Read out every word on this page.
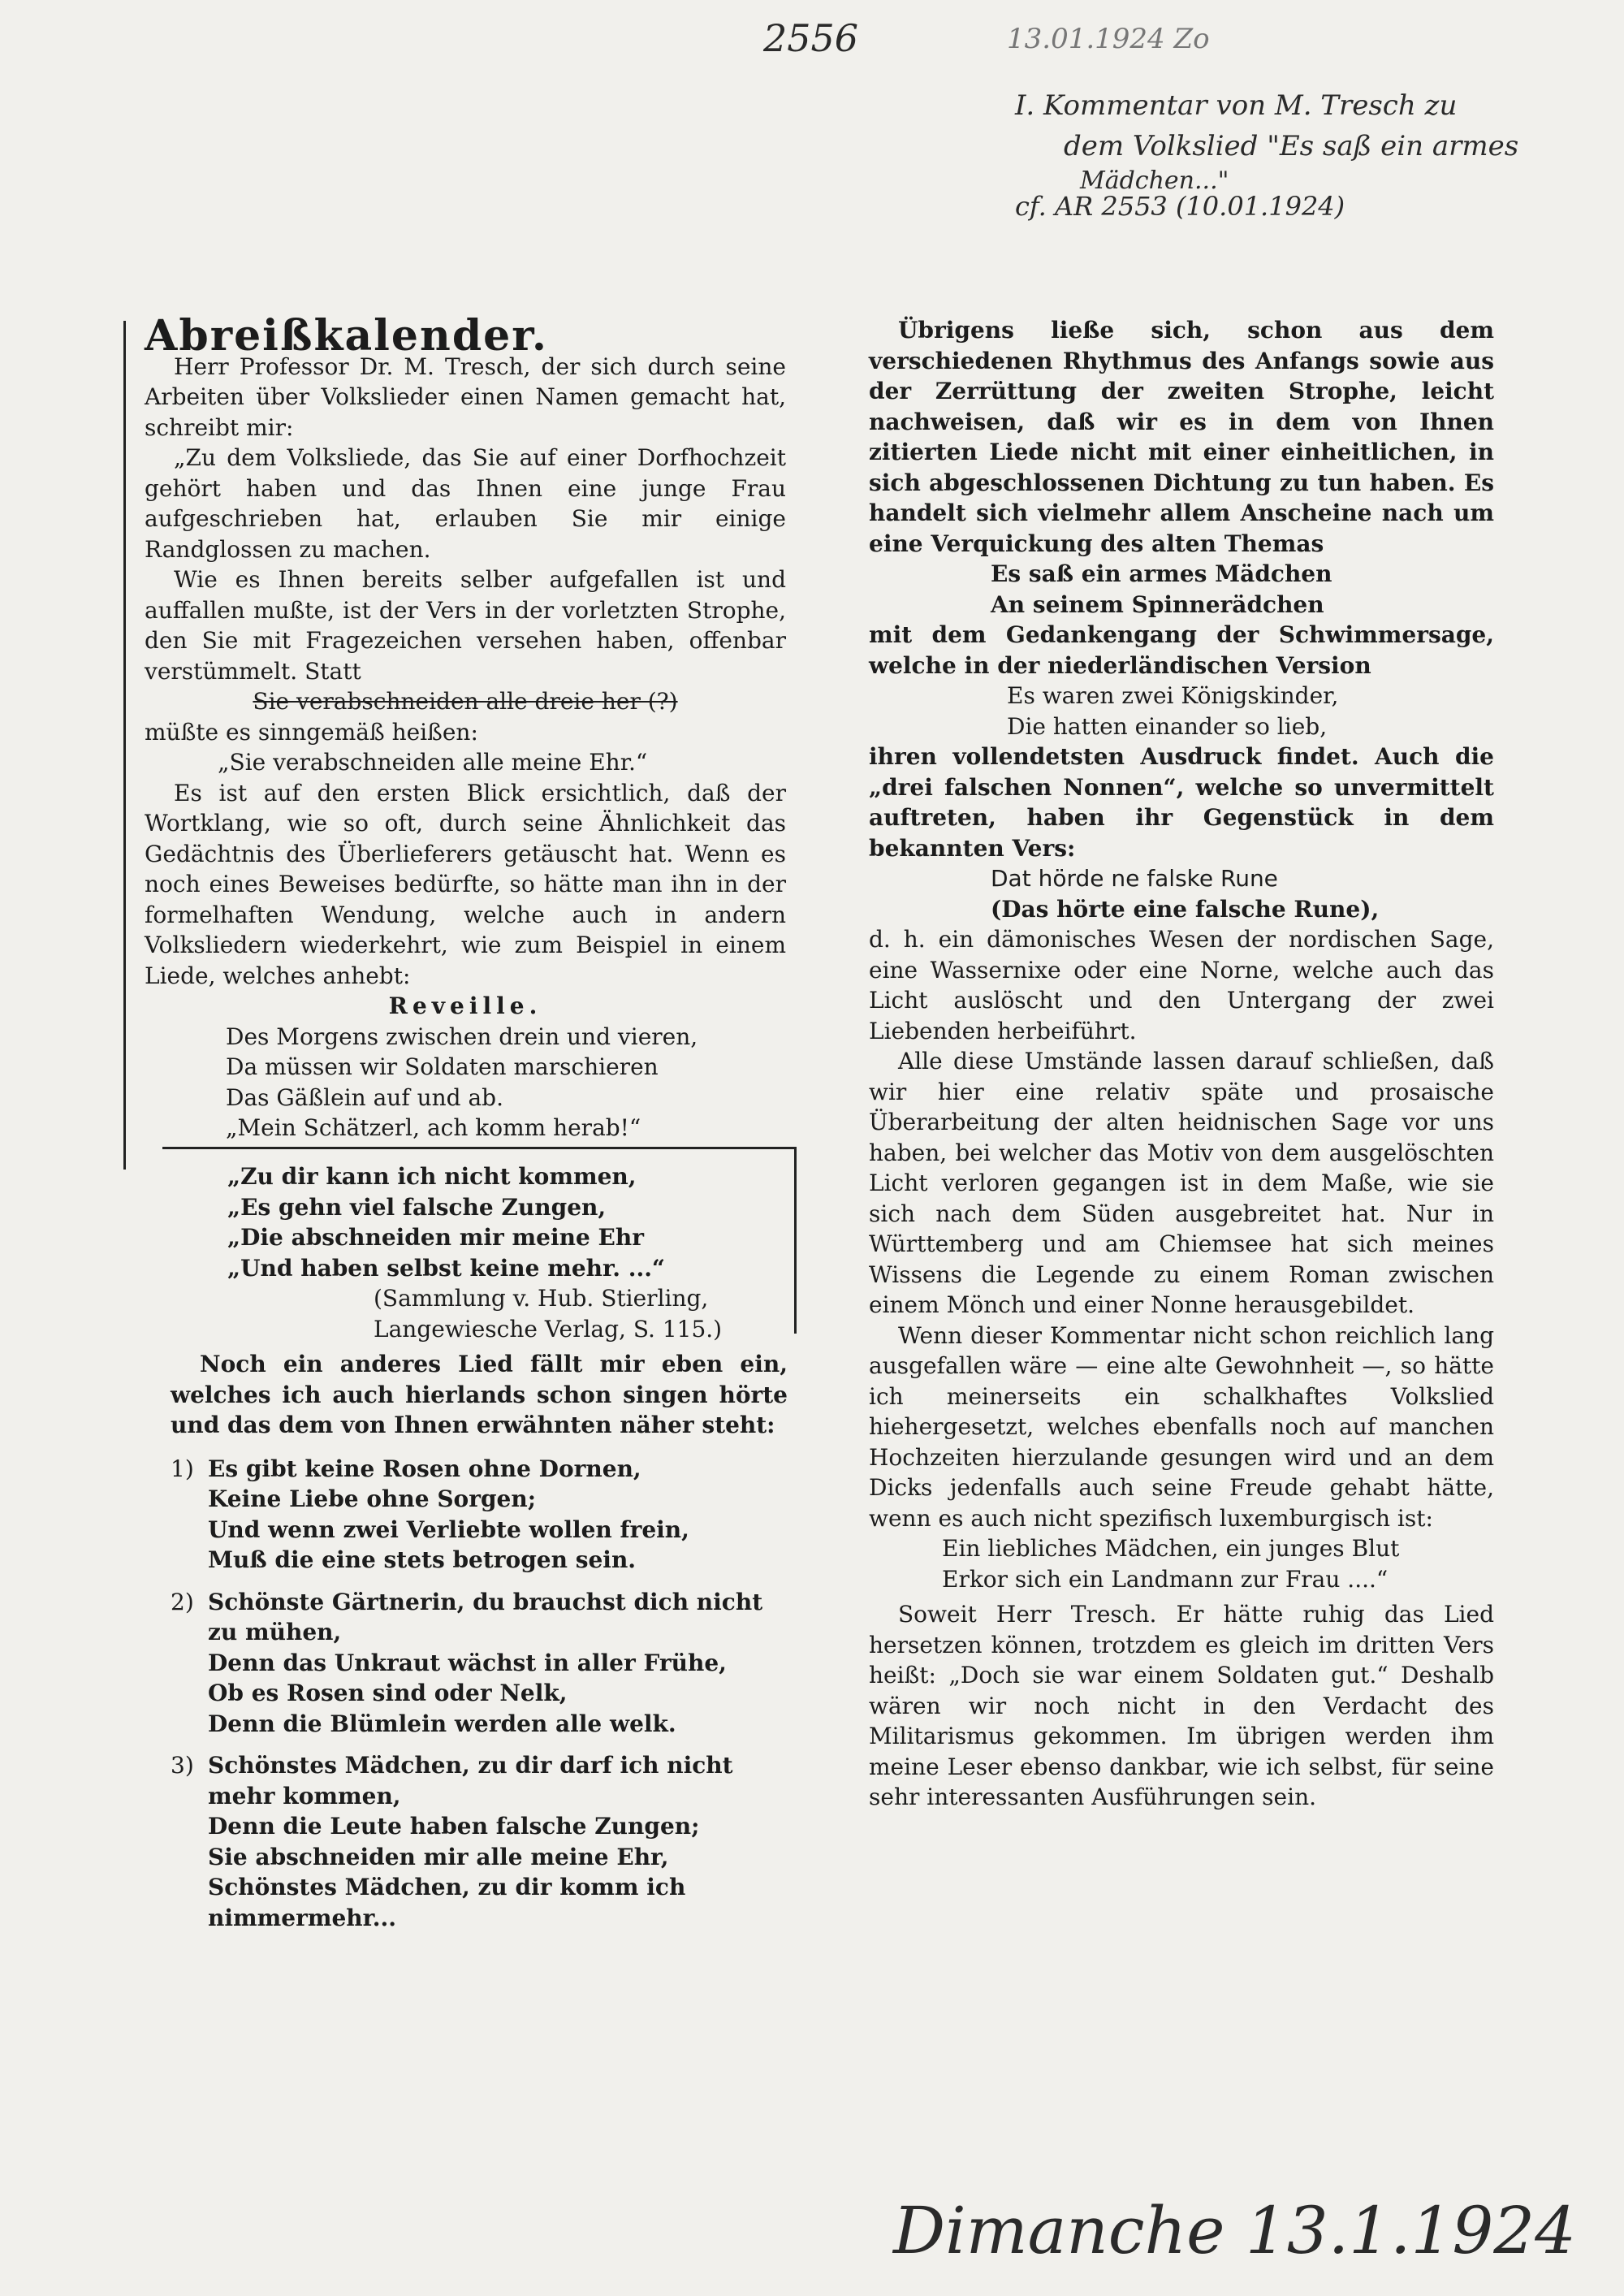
2556	13.01.1924 Zo
I. Kommentar von M. Tresch zu
dem Volkslied "Es saß ein armes
Mädchen..."
cf. AR 2553 (10.01.1924)
Dimanche 13.1.1924

Abreißkalender.

Herr Professor Dr. M. Tresch, der sich durch seine Arbeiten über Volkslieder einen Namen gemacht hat, schreibt mir:

„Zu dem Volksliede, das Sie auf einer Dorfhochzeit gehört haben und das Ihnen eine junge Frau aufgeschrieben hat, erlauben Sie mir einige Randglossen zu machen.

Wie es Ihnen bereits selber aufgefallen ist und auffallen mußte, ist der Vers in der vorletzten Strophe, den Sie mit Fragezeichen versehen haben, offenbar verstümmelt. Statt

Sie verabschneiden alle dreie her (?)

müßte es sinngemäß heißen:

„Sie verabschneiden alle meine Ehr.“

Es ist auf den ersten Blick ersichtlich, daß der Wortklang, wie so oft, durch seine Ähnlichkeit das Gedächtnis des Überlieferers getäuscht hat. Wenn es noch eines Beweises bedürfte, so hätte man ihn in der formelhaften Wendung, welche auch in andern Volksliedern wiederkehrt, wie zum Beispiel in einem Liede, welches anhebt:

Reveille.

Des Morgens zwischen drein und vieren,
Da müssen wir Soldaten marschieren
Das Gäßlein auf und ab.
„Mein Schätzerl, ach komm herab!“
„Zu dir kann ich nicht kommen,
„Es gehn viel falsche Zungen,
„Die abschneiden mir meine Ehr
„Und haben selbst keine mehr. ...“

(Sammlung v. Hub. Stierling,

Langewiesche Verlag, S. 115.)

Noch ein anderes Lied fällt mir eben ein, welches ich auch hierlands schon singen hörte und das dem von Ihnen erwähnten näher steht:

1) Es gibt keine Rosen ohne Dornen,
Keine Liebe ohne Sorgen;
Und wenn zwei Verliebte wollen frein,
Muß die eine stets betrogen sein.
2) Schönste Gärtnerin, du brauchst dich nicht zu mühen,
Denn das Unkraut wächst in aller Frühe,
Ob es Rosen sind oder Nelk,
Denn die Blümlein werden alle welk.
3) Schönstes Mädchen, zu dir darf ich nicht mehr kommen,
Denn die Leute haben falsche Zungen;
Sie abschneiden mir alle meine Ehr,
Schönstes Mädchen, zu dir komm ich nimmermehr...

Übrigens ließe sich, schon aus dem verschiedenen Rhythmus des Anfangs sowie aus der Zerrüttung der zweiten Strophe, leicht nachweisen, daß wir es in dem von Ihnen zitierten Liede nicht mit einer einheitlichen, in sich abgeschlossenen Dichtung zu tun haben. Es handelt sich vielmehr allem Anscheine nach um eine Verquickung des alten Themas

Es saß ein armes Mädchen
An seinem Spinnerädchen

mit dem Gedankengang der Schwimmersage, welche in der niederländischen Version

Es waren zwei Königskinder,
Die hatten einander so lieb,

ihren vollendetsten Ausdruck findet. Auch die „drei falschen Nonnen“, welche so unvermittelt auftreten, haben ihr Gegenstück in dem bekannten Vers:

Dat hörde ne falske Rune
(Das hörte eine falsche Rune),

d. h. ein dämonisches Wesen der nordischen Sage, eine Wassernixe oder eine Norne, welche auch das Licht auslöscht und den Untergang der zwei Liebenden herbeiführt.

Alle diese Umstände lassen darauf schließen, daß wir hier eine relativ späte und prosaische Überarbeitung der alten heidnischen Sage vor uns haben, bei welcher das Motiv von dem ausgelöschten Licht verloren gegangen ist in dem Maße, wie sie sich nach dem Süden ausgebreitet hat. Nur in Württemberg und am Chiemsee hat sich meines Wissens die Legende zu einem Roman zwischen einem Mönch und einer Nonne herausgebildet.

Wenn dieser Kommentar nicht schon reichlich lang ausgefallen wäre — eine alte Gewohnheit —, so hätte ich meinerseits ein schalkhaftes Volkslied hiehergesetzt, welches ebenfalls noch auf manchen Hochzeiten hierzulande gesungen wird und an dem Dicks jedenfalls auch seine Freude gehabt hätte, wenn es auch nicht spezifisch luxemburgisch ist:

Ein liebliches Mädchen, ein junges Blut
Erkor sich ein Landmann zur Frau ....“

Soweit Herr Tresch. Er hätte ruhig das Lied hersetzen können, trotzdem es gleich im dritten Vers heißt: „Doch sie war einem Soldaten gut.“ Deshalb wären wir noch nicht in den Verdacht des Militarismus gekommen. Im übrigen werden ihm meine Leser ebenso dankbar, wie ich selbst, für seine sehr interessanten Ausführungen sein.
